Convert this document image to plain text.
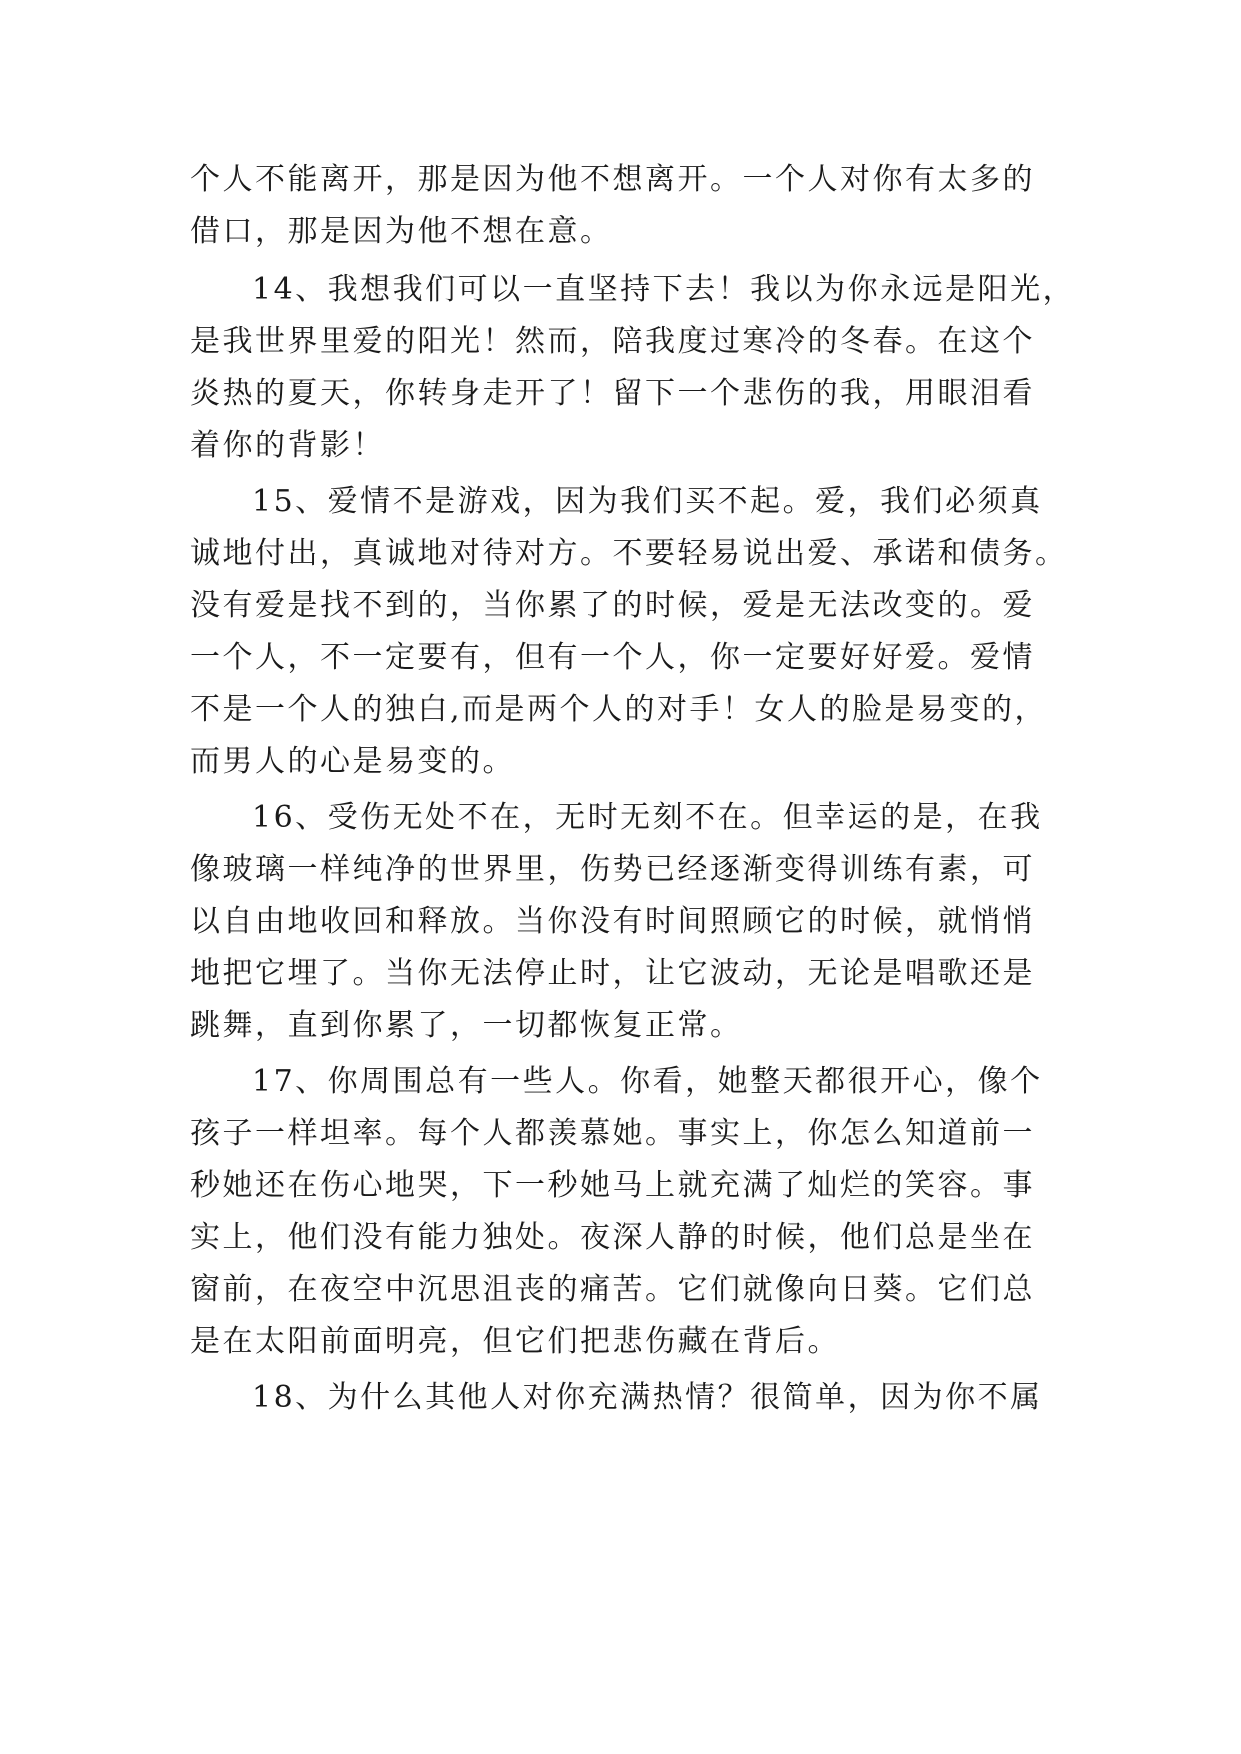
个人不能离开，那是因为他不想离开。一个人对你有太多的
借口，那是因为他不想在意。
14、我想我们可以一直坚持下去！我以为你永远是阳光，
是我世界里爱的阳光！然而，陪我度过寒冷的冬春。在这个
炎热的夏天，你转身走开了！留下一个悲伤的我，用眼泪看
着你的背影！
15、爱情不是游戏，因为我们买不起。爱，我们必须真
诚地付出，真诚地对待对方。不要轻易说出爱、承诺和债务。
没有爱是找不到的，当你累了的时候，爱是无法改变的。爱
一个人，不一定要有，但有一个人，你一定要好好爱。爱情
不是一个人的独白,而是两个人的对手！女人的脸是易变的，
而男人的心是易变的。
16、受伤无处不在，无时无刻不在。但幸运的是，在我
像玻璃一样纯净的世界里，伤势已经逐渐变得训练有素，可
以自由地收回和释放。当你没有时间照顾它的时候，就悄悄
地把它埋了。当你无法停止时，让它波动，无论是唱歌还是
跳舞，直到你累了，一切都恢复正常。
17、你周围总有一些人。你看，她整天都很开心，像个
孩子一样坦率。每个人都羡慕她。事实上，你怎么知道前一
秒她还在伤心地哭，下一秒她马上就充满了灿烂的笑容。事
实上，他们没有能力独处。夜深人静的时候，他们总是坐在
窗前，在夜空中沉思沮丧的痛苦。它们就像向日葵。它们总
是在太阳前面明亮，但它们把悲伤藏在背后。
18、为什么其他人对你充满热情？很简单，因为你不属
